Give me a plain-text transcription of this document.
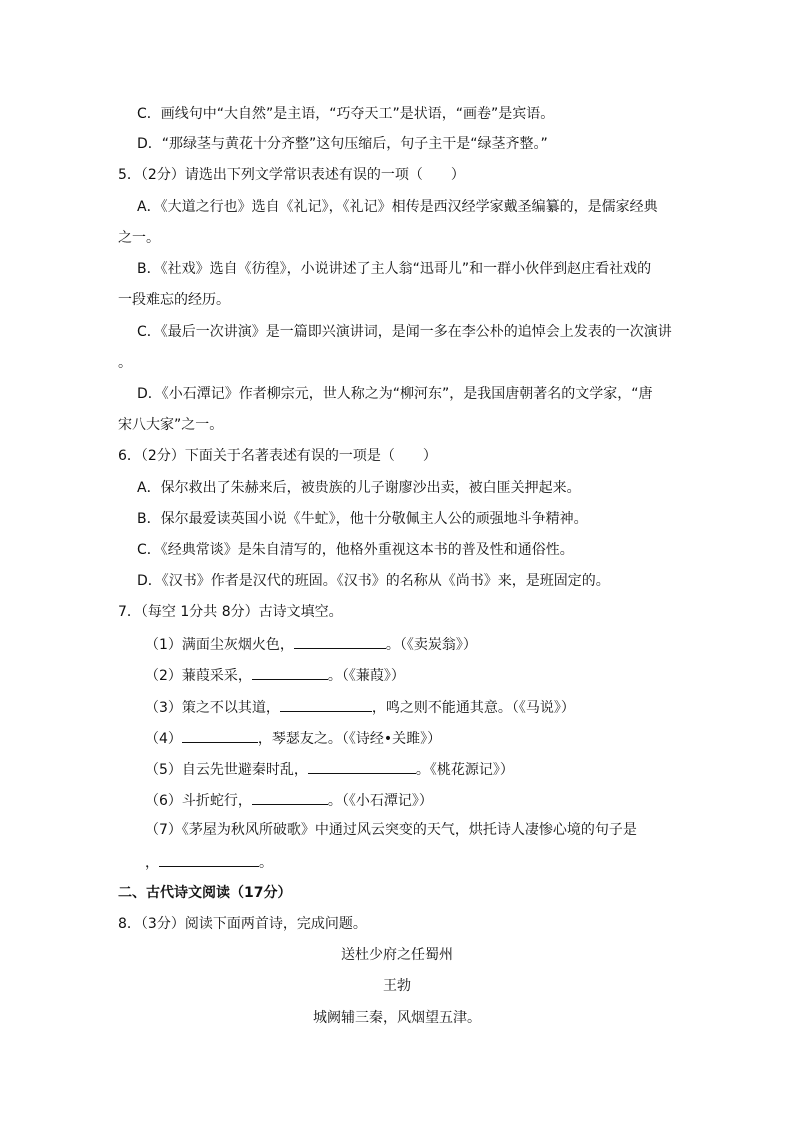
C．画线句中“大自然”是主语，“巧夺天工”是状语，“画卷”是宾语。
D．“那绿茎与黄花十分齐整”这句压缩后，句子主干是“绿茎齐整。”
5．（2分）请选出下列文学常识表述有误的一项（　　）
A．《大道之行也》选自《礼记》，《礼记》相传是西汉经学家戴圣编纂的，是儒家经典
之一。
B．《社戏》选自《彷徨》，小说讲述了主人翁“迅哥儿”和一群小伙伴到赵庄看社戏的
一段难忘的经历。
C．《最后一次讲演》是一篇即兴演讲词，是闻一多在李公朴的追悼会上发表的一次演讲
。
D．《小石潭记》作者柳宗元，世人称之为“柳河东”，是我国唐朝著名的文学家，“唐
宋八大家”之一。
6．（2分）下面关于名著表述有误的一项是（　　）
A．保尔救出了朱赫来后，被贵族的儿子谢廖沙出卖，被白匪关押起来。
B．保尔最爱读英国小说《牛虻》，他十分敬佩主人公的顽强地斗争精神。
C．《经典常谈》是朱自清写的，他格外重视这本书的普及性和通俗性。
D．《汉书》作者是汉代的班固。《汉书》的名称从《尚书》来，是班固定的。
7．（每空 1分共 8分）古诗文填空。
（1）满面尘灰烟火色，	。（《卖炭翁》）
（2）蒹葭采采，	。（《蒹葭》）
（3）策之不以其道，	，鸣之则不能通其意。（《马说》）
（4）	，琴瑟友之。（《诗经•关雎》）
（5）自云先世避秦时乱，	。《桃花源记》）
（6）斗折蛇行，	。（《小石潭记》）
（7）《茅屋为秋风所破歌》中通过风云突变的天气，烘托诗人凄惨心境的句子是
，	。
二、古代诗文阅读（17分）
8．（3分）阅读下面两首诗，完成问题。
送杜少府之任蜀州
王勃
城阙辅三秦，风烟望五津。
